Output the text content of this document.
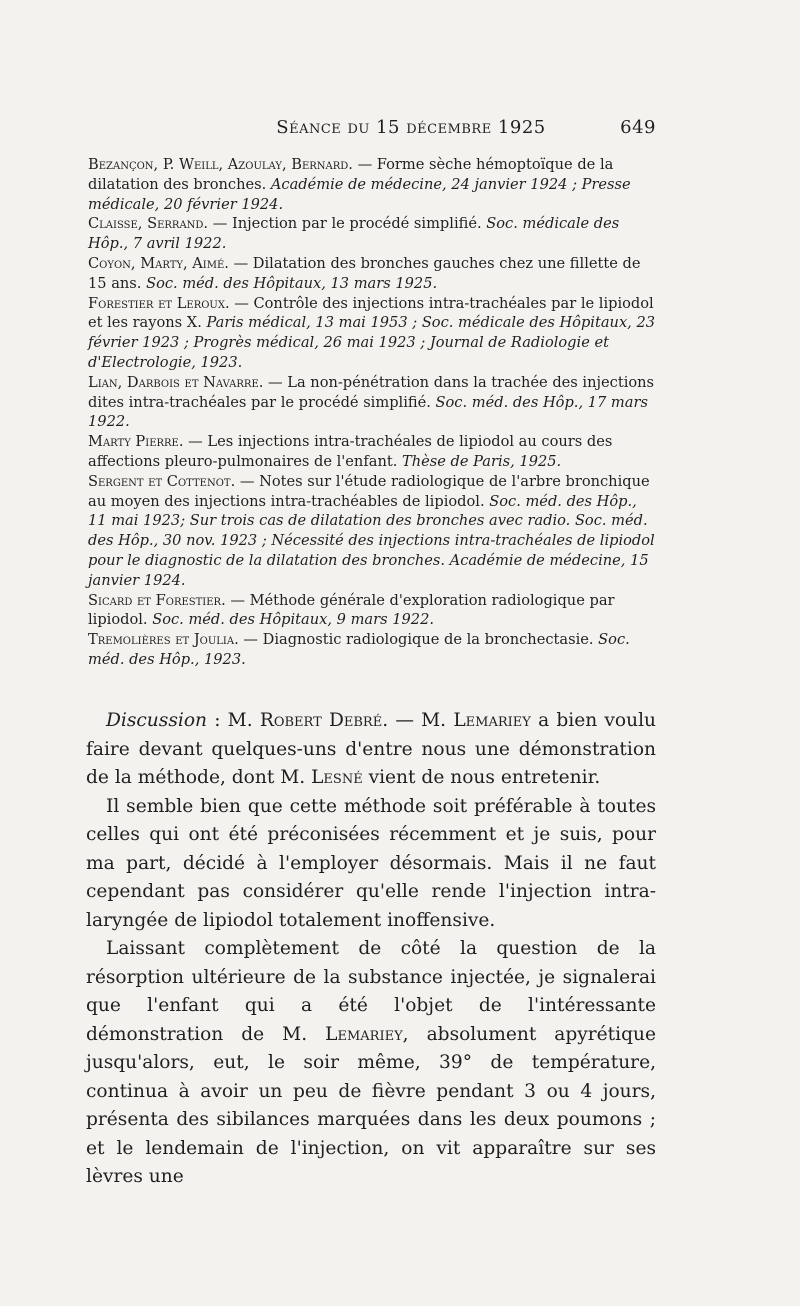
Séance du 15 décembre 1925	649

Bezançon, P. Weill, Azoulay, Bernard. — Forme sèche hémoptoïque de la dilatation des bronches. Académie de médecine, 24 janvier 1924 ; Presse médicale, 20 février 1924.

Claisse, Serrand. — Injection par le procédé simplifié. Soc. médicale des Hôp., 7 avril 1922.

Coyon, Marty, Aimé. — Dilatation des bronches gauches chez une fillette de 15 ans. Soc. méd. des Hôpitaux, 13 mars 1925.

Forestier et Leroux. — Contrôle des injections intra-trachéales par le lipiodol et les rayons X. Paris médical, 13 mai 1953 ; Soc. médicale des Hôpitaux, 23 février 1923 ; Progrès médical, 26 mai 1923 ; Journal de Radiologie et d'Electrologie, 1923.

Lian, Darbois et Navarre. — La non-pénétration dans la trachée des injections dites intra-trachéales par le procédé simplifié. Soc. méd. des Hôp., 17 mars 1922.

Marty Pierre. — Les injections intra-trachéales de lipiodol au cours des affections pleuro-pulmonaires de l'enfant. Thèse de Paris, 1925.

Sergent et Cottenot. — Notes sur l'étude radiologique de l'arbre bronchique au moyen des injections intra-trachéables de lipiodol. Soc. méd. des Hôp., 11 mai 1923; Sur trois cas de dilatation des bronches avec radio. Soc. méd. des Hôp., 30 nov. 1923 ; Nécessité des injections intra-trachéales de lipiodol pour le diagnostic de la dilatation des bronches. Académie de médecine, 15 janvier 1924.

Sicard et Forestier. — Méthode générale d'exploration radiologique par lipiodol. Soc. méd. des Hôpitaux, 9 mars 1922.

Tremolières et Joulia. — Diagnostic radiologique de la bronchectasie. Soc. méd. des Hôp., 1923.

Discussion : M. Robert Debré. — M. Lemariey a bien voulu faire devant quelques-uns d'entre nous une démonstration de la méthode, dont M. Lesné vient de nous entretenir.

Il semble bien que cette méthode soit préférable à toutes celles qui ont été préconisées récemment et je suis, pour ma part, décidé à l'employer désormais. Mais il ne faut cependant pas considérer qu'elle rende l'injection intra-laryngée de lipiodol totalement inoffensive.

Laissant complètement de côté la question de la résorption ultérieure de la substance injectée, je signalerai que l'enfant qui a été l'objet de l'intéressante démonstration de M. Lemariey, absolument apyrétique jusqu'alors, eut, le soir même, 39° de température, continua à avoir un peu de fièvre pendant 3 ou 4 jours, présenta des sibilances marquées dans les deux poumons ; et le lendemain de l'injection, on vit apparaître sur ses lèvres une
